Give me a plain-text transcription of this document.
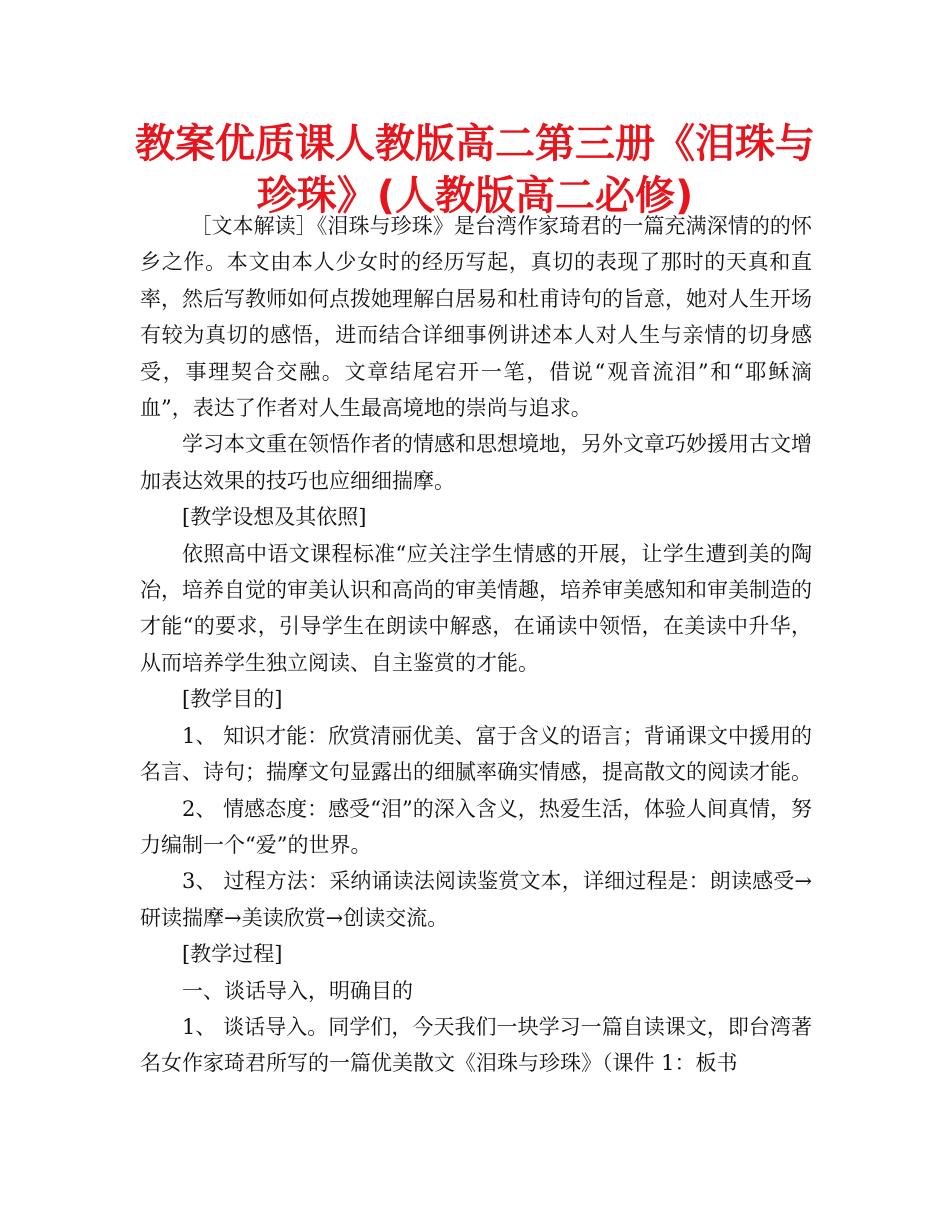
教案优质课人教版高二第三册《泪珠与珍珠》(人教版高二必修)

［文本解读］《泪珠与珍珠》是台湾作家琦君的一篇充满深情的的怀乡之作。本文由本人少女时的经历写起，真切的表现了那时的天真和直率，然后写教师如何点拨她理解白居易和杜甫诗句的旨意，她对人生开场有较为真切的感悟，进而结合详细事例讲述本人对人生与亲情的切身感受，事理契合交融。文章结尾宕开一笔，借说“观音流泪”和“耶稣滴血”，表达了作者对人生最高境地的崇尚与追求。

学习本文重在领悟作者的情感和思想境地，另外文章巧妙援用古文增加表达效果的技巧也应细细揣摩。

[教学设想及其依照]

依照高中语文课程标准“应关注学生情感的开展，让学生遭到美的陶冶，培养自觉的审美认识和高尚的审美情趣，培养审美感知和审美制造的才能“的要求，引导学生在朗读中解惑，在诵读中领悟，在美读中升华，从而培养学生独立阅读、自主鉴赏的才能。

[教学目的]

1、 知识才能：欣赏清丽优美、富于含义的语言；背诵课文中援用的名言、诗句；揣摩文句显露出的细腻率确实情感，提高散文的阅读才能。

2、 情感态度：感受“泪”的深入含义，热爱生活，体验人间真情，努力编制一个“爱”的世界。

3、 过程方法：采纳诵读法阅读鉴赏文本，详细过程是：朗读感受→研读揣摩→美读欣赏→创读交流。

[教学过程]

一、谈话导入，明确目的

1、 谈话导入。同学们，今天我们一块学习一篇自读课文，即台湾著名女作家琦君所写的一篇优美散文《泪珠与珍珠》（课件 1：板书
